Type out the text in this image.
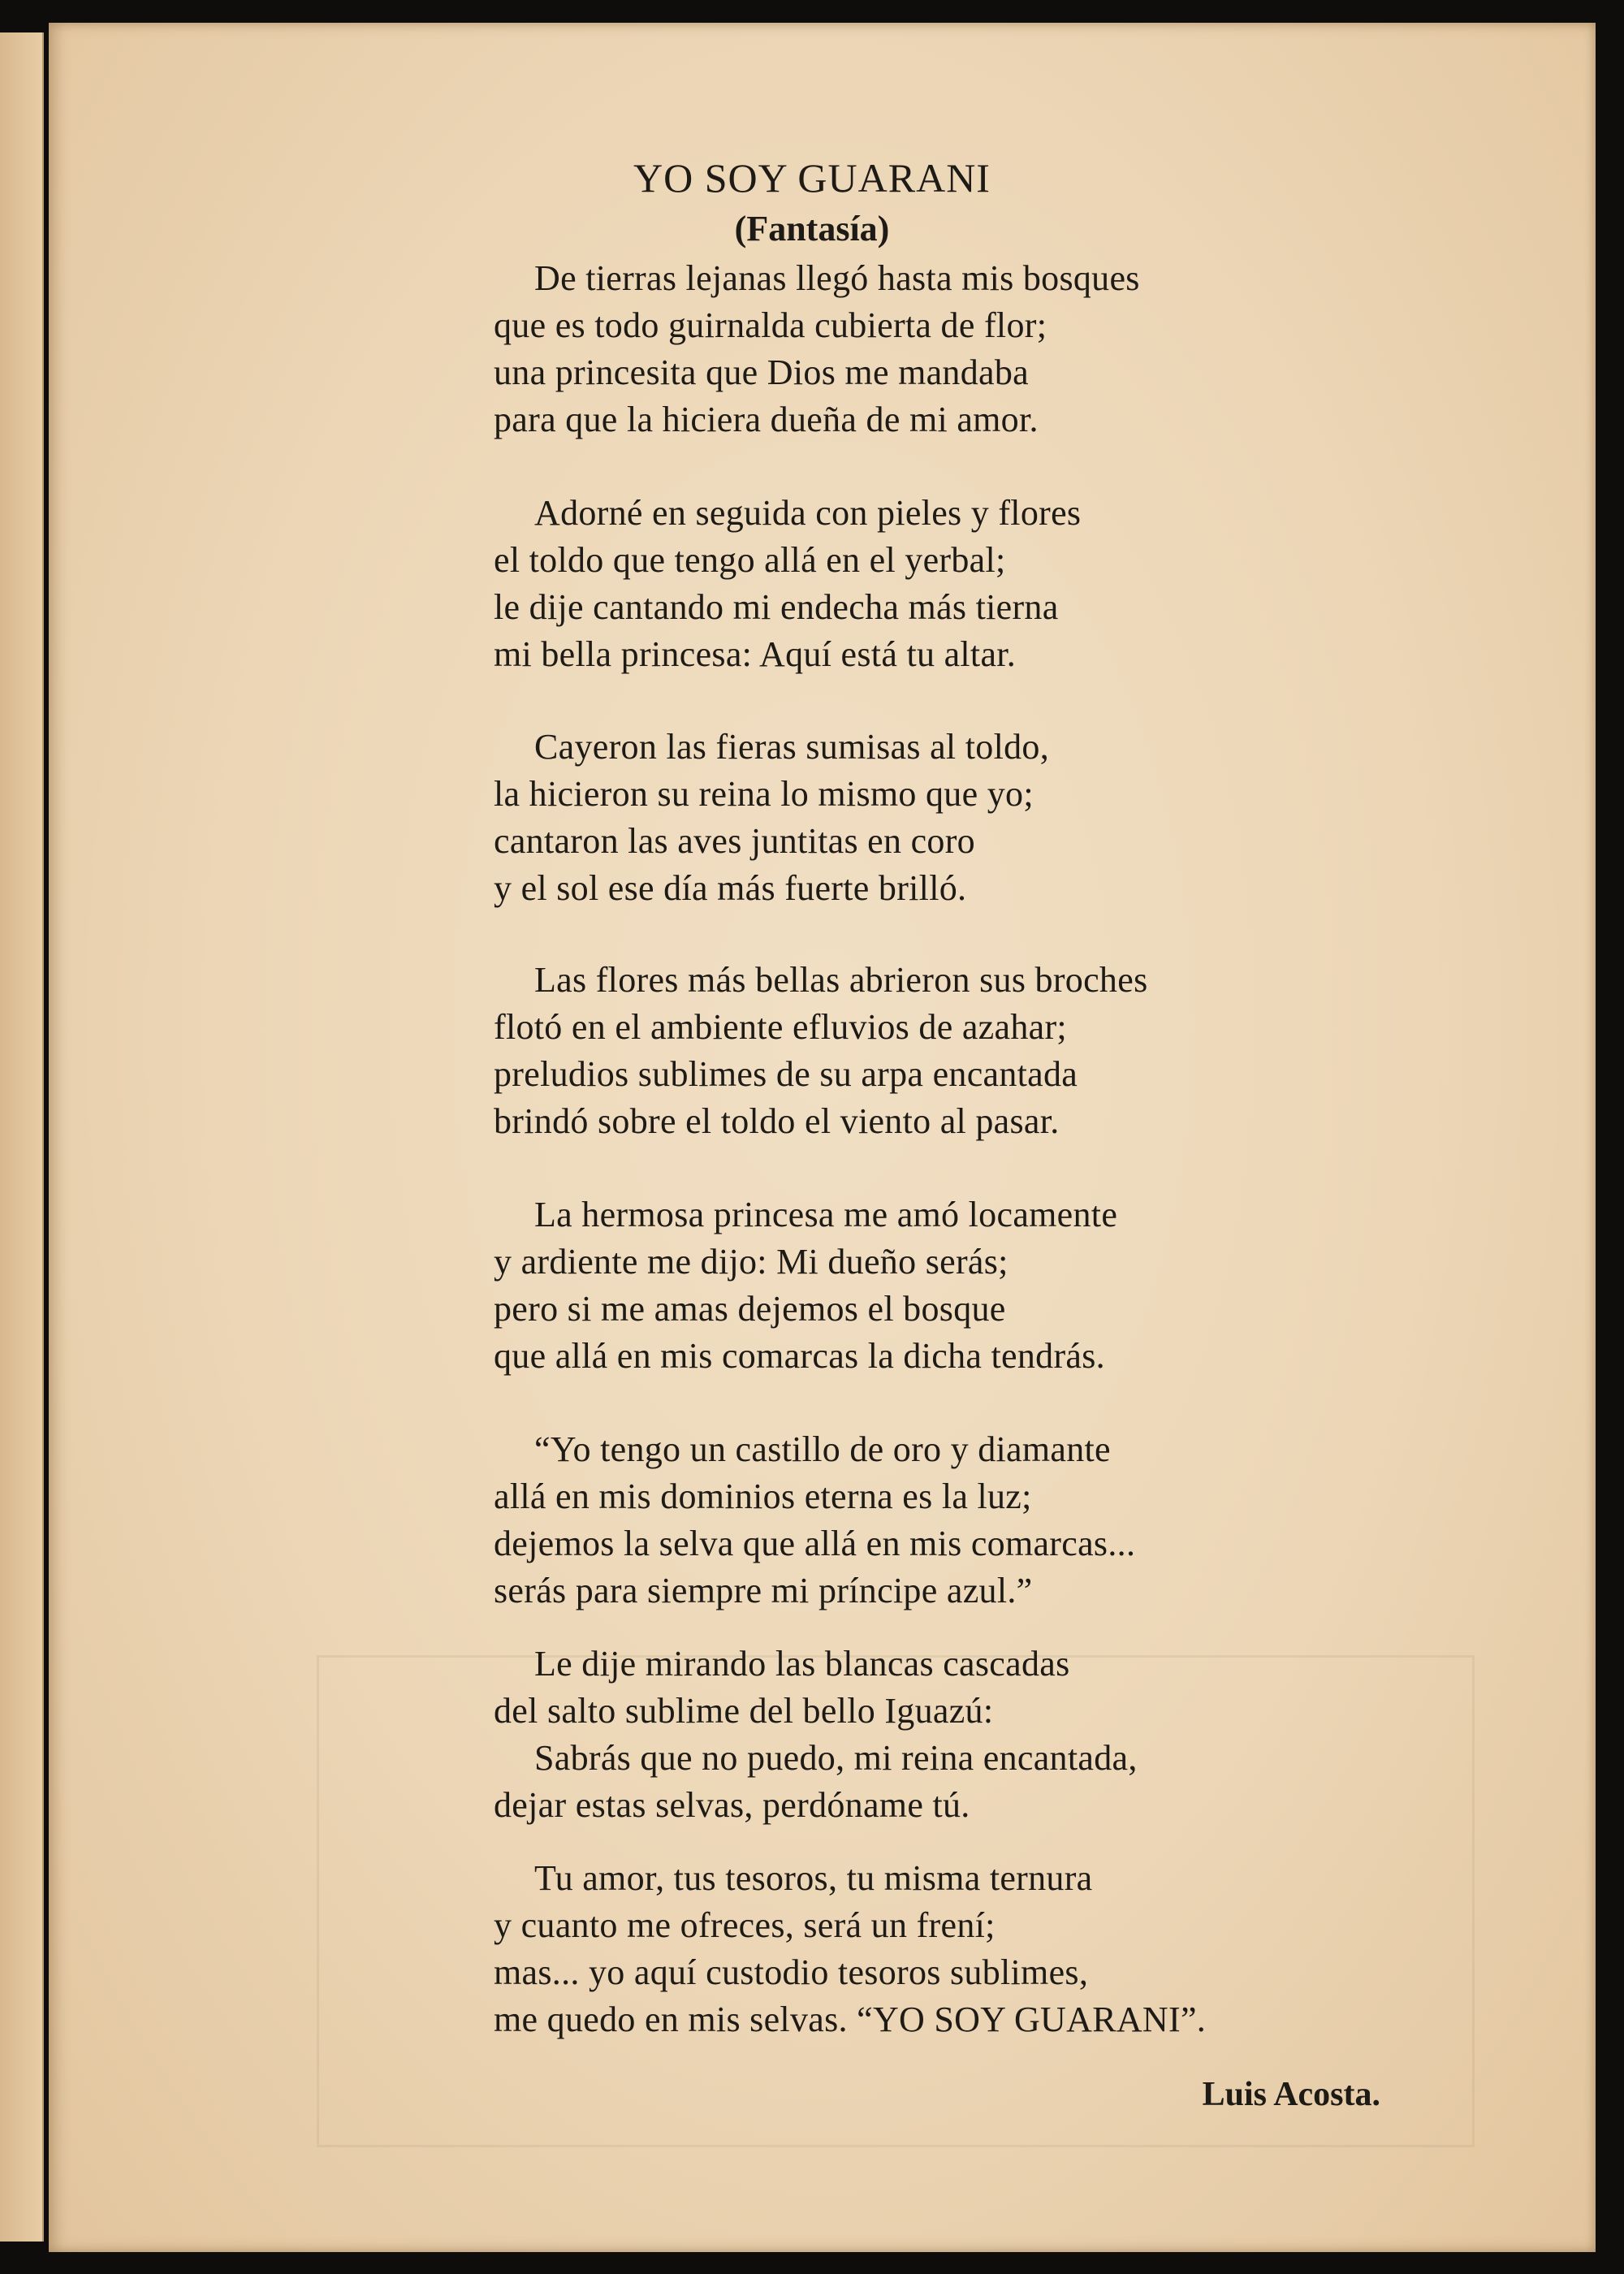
YO SOY GUARANI
(Fantasía)
De tierras lejanas llegó hasta mis bosques
que es todo guirnalda cubierta de flor;
una princesita que Dios me mandaba
para que la hiciera dueña de mi amor.
Adorné en seguida con pieles y flores
el toldo que tengo allá en el yerbal;
le dije cantando mi endecha más tierna
mi bella princesa: Aquí está tu altar.
Cayeron las fieras sumisas al toldo,
la hicieron su reina lo mismo que yo;
cantaron las aves juntitas en coro
y el sol ese día más fuerte brilló.
Las flores más bellas abrieron sus broches
flotó en el ambiente efluvios de azahar;
preludios sublimes de su arpa encantada
brindó sobre el toldo el viento al pasar.
La hermosa princesa me amó locamente
y ardiente me dijo: Mi dueño serás;
pero si me amas dejemos el bosque
que allá en mis comarcas la dicha tendrás.
“Yo tengo un castillo de oro y diamante
allá en mis dominios eterna es la luz;
dejemos la selva que allá en mis comarcas...
serás para siempre mi príncipe azul.”
Le dije mirando las blancas cascadas
del salto sublime del bello Iguazú:
Sabrás que no puedo, mi reina encantada,
dejar estas selvas, perdóname tú.
Tu amor, tus tesoros, tu misma ternura
y cuanto me ofreces, será un frení;
mas... yo aquí custodio tesoros sublimes,
me quedo en mis selvas. “YO SOY GUARANI”.
Luis Acosta.
